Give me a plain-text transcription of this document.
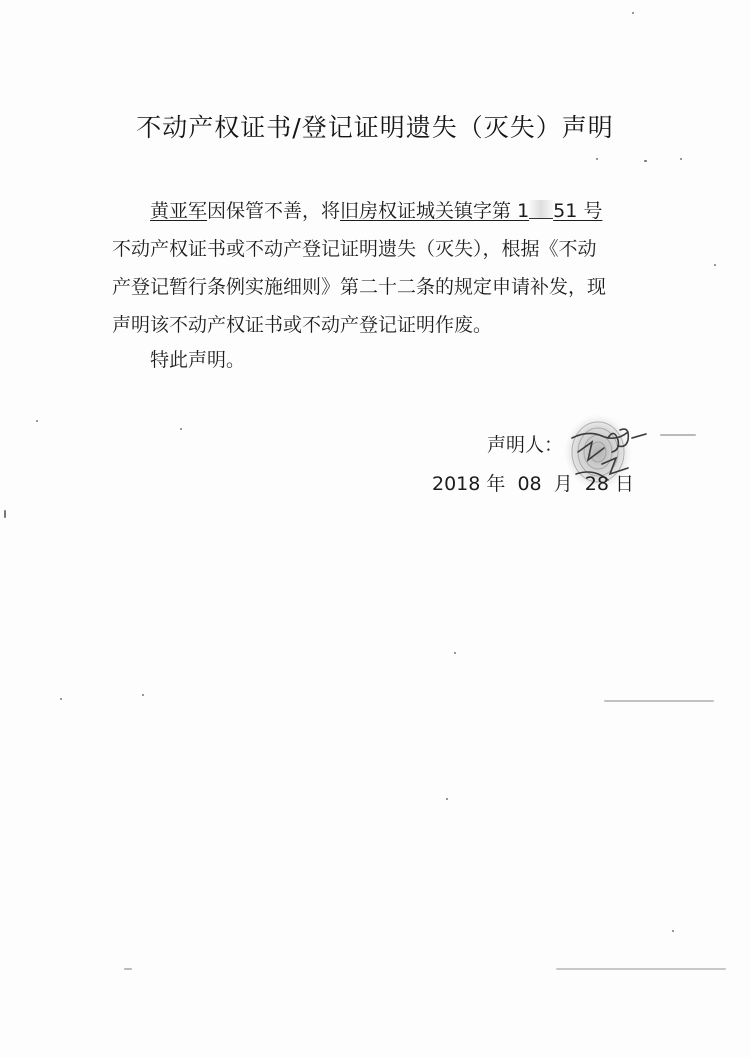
不动产权证书/登记证明遗失（灭失）声明
黄亚军因保管不善，将旧房权证城关镇字第 1 51 号
不动产权证书或不动产登记证明遗失（灭失），根据《不动
产登记暂行条例实施细则》第二十二条的规定申请补发，现
声明该不动产权证书或不动产登记证明作废。
特此声明。
声明人：
2018 年  08  月  28 日
